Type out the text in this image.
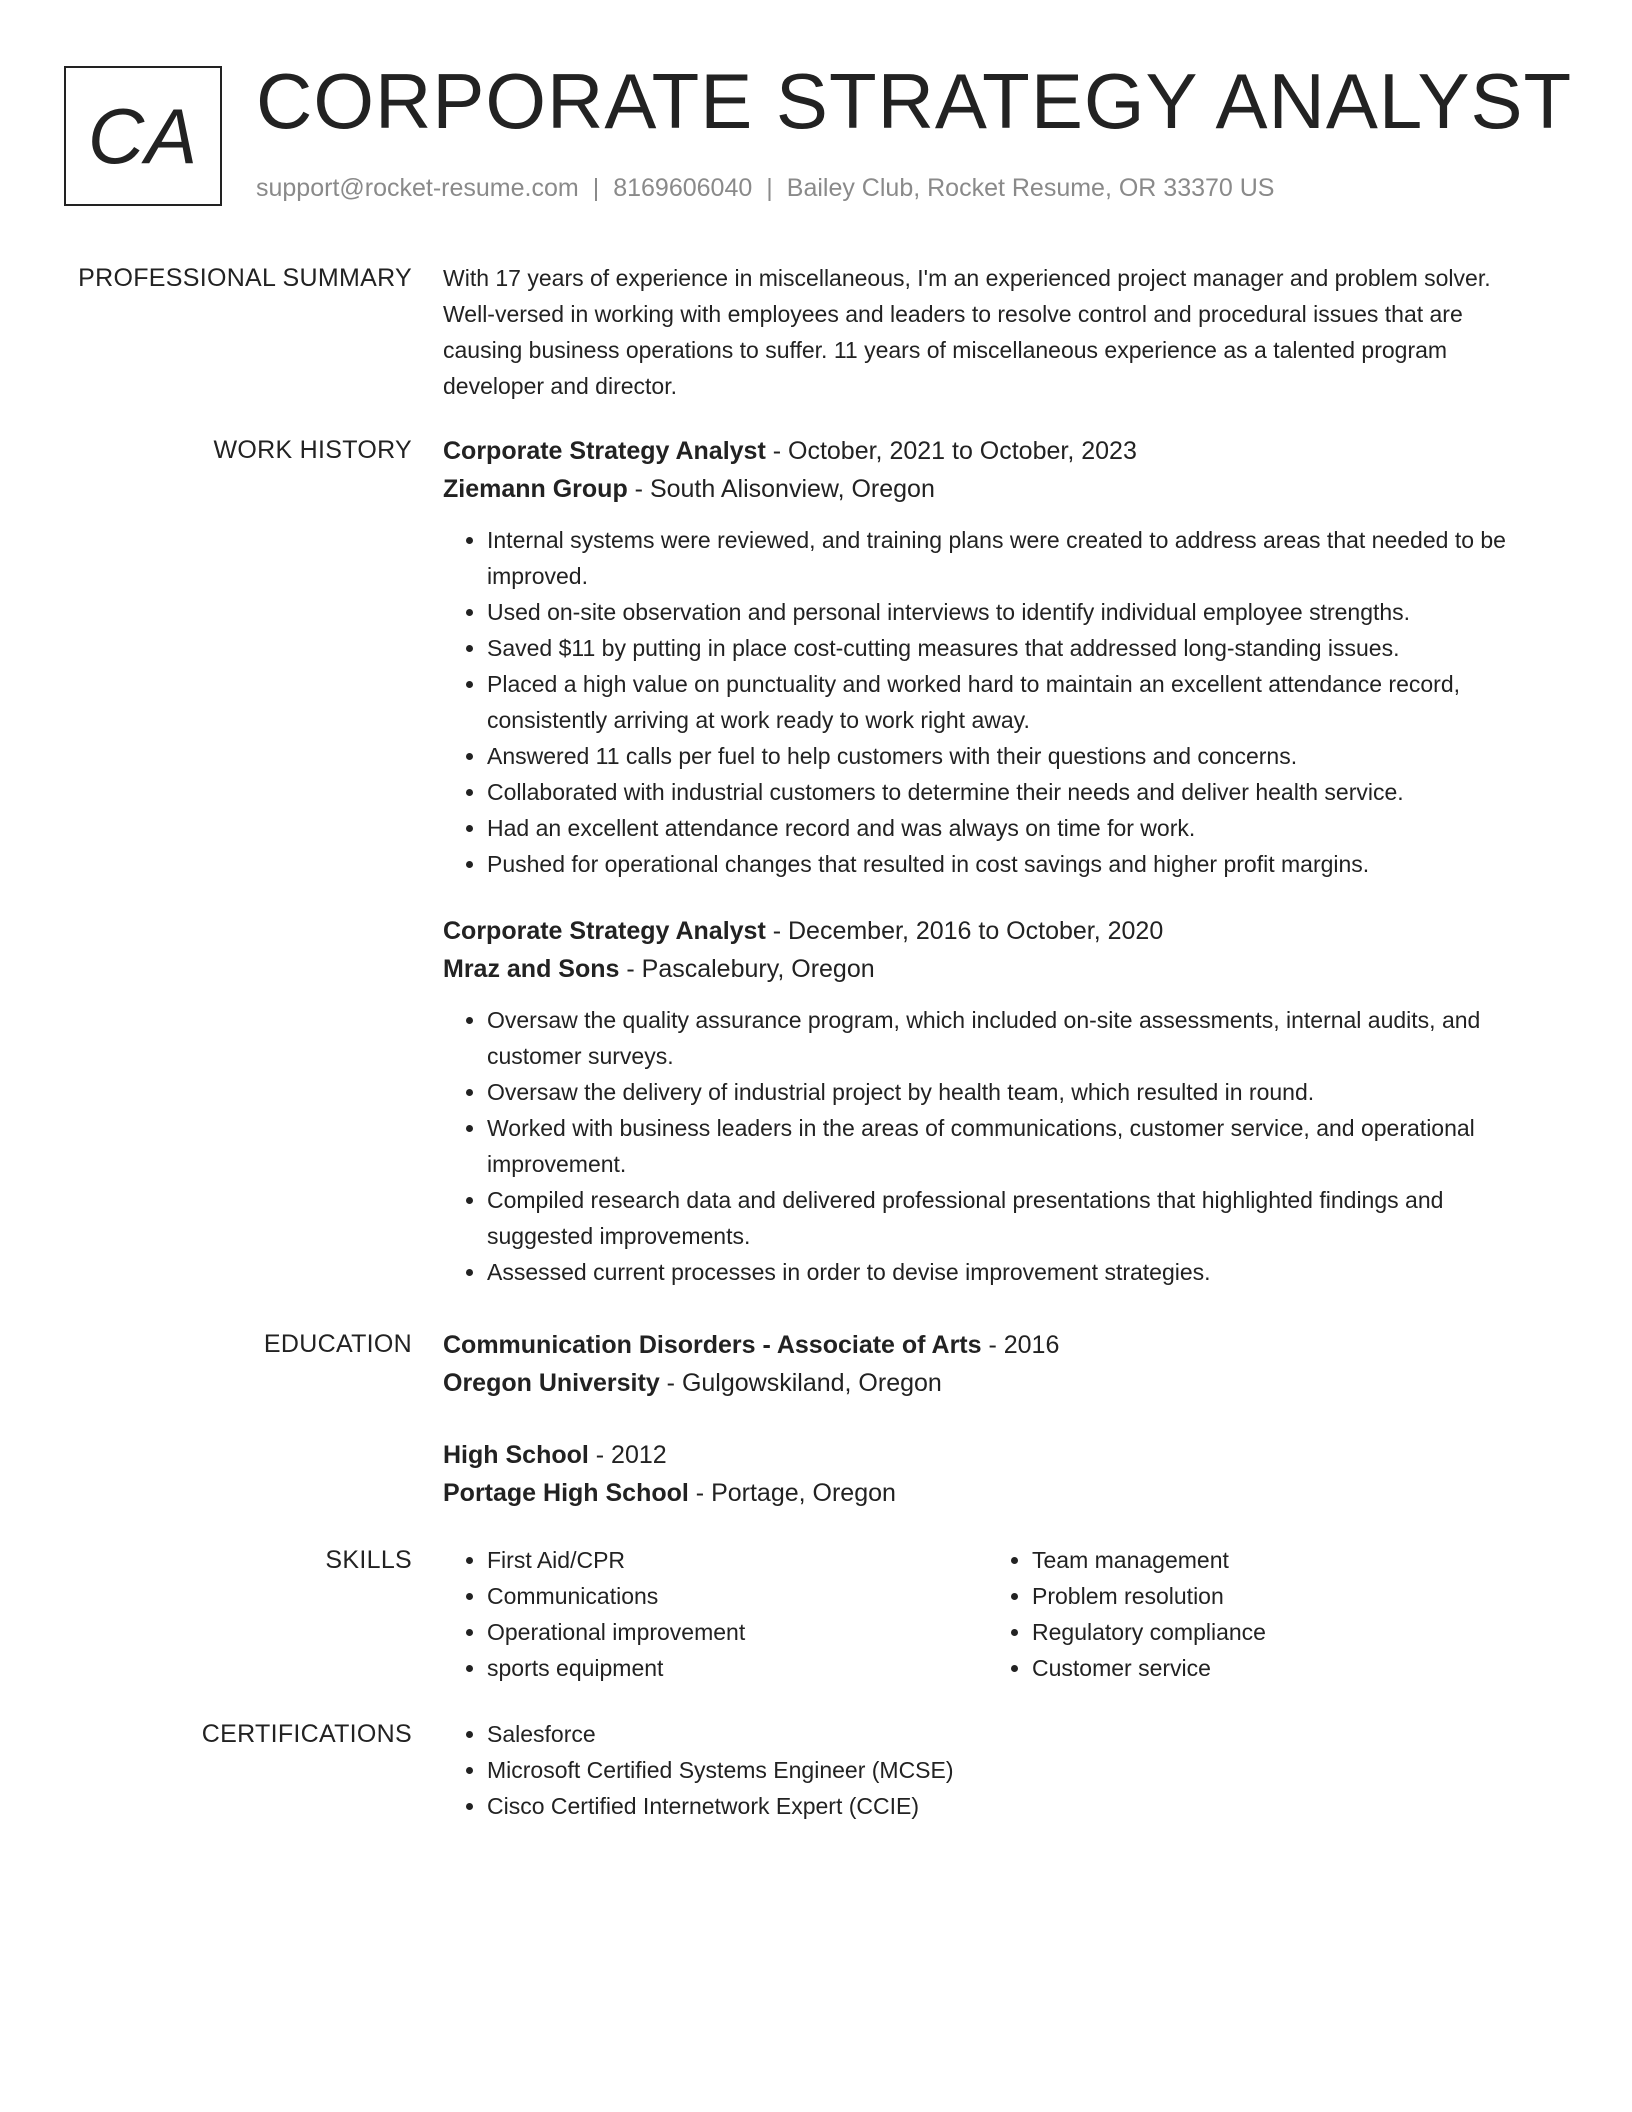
CA CORPORATE STRATEGY ANALYST
support@rocket-resume.com | 8169606040 | Bailey Club, Rocket Resume, OR 33370 US
PROFESSIONAL SUMMARY With 17 years of experience in miscellaneous, I'm an experienced project manager and problem solver. Well-versed in working with employees and leaders to resolve control and procedural issues that are causing business operations to suffer. 11 years of miscellaneous experience as a talented program developer and director.

WORK HISTORY Corporate Strategy Analyst - October, 2021 to October, 2023
Ziemann Group - South Alisonview, Oregon
• Internal systems were reviewed, and training plans were created to address areas that needed to be improved.
• Used on-site observation and personal interviews to identify individual employee strengths.
• Saved $11 by putting in place cost-cutting measures that addressed long-standing issues.
• Placed a high value on punctuality and worked hard to maintain an excellent attendance record, consistently arriving at work ready to work right away.
• Answered 11 calls per fuel to help customers with their questions and concerns.
• Collaborated with industrial customers to determine their needs and deliver health service.
• Had an excellent attendance record and was always on time for work.
• Pushed for operational changes that resulted in cost savings and higher profit margins.
Corporate Strategy Analyst - December, 2016 to October, 2020
Mraz and Sons - Pascalebury, Oregon
• Oversaw the quality assurance program, which included on-site assessments, internal audits, and customer surveys.
• Oversaw the delivery of industrial project by health team, which resulted in round.
• Worked with business leaders in the areas of communications, customer service, and operational improvement.
• Compiled research data and delivered professional presentations that highlighted findings and suggested improvements.
• Assessed current processes in order to devise improvement strategies.
EDUCATION Communication Disorders - Associate of Arts - 2016
Oregon University - Gulgowskiland, Oregon
High School - 2012
Portage High School - Portage, Oregon
SKILLS	• First Aid/CPR
• Communications
• Operational improvement
• sports equipment
• Team management
• Problem resolution
• Regulatory compliance
• Customer service
CERTIFICATIONS	• Salesforce
• Microsoft Certified Systems Engineer (MCSE)
• Cisco Certified Internetwork Expert (CCIE)
